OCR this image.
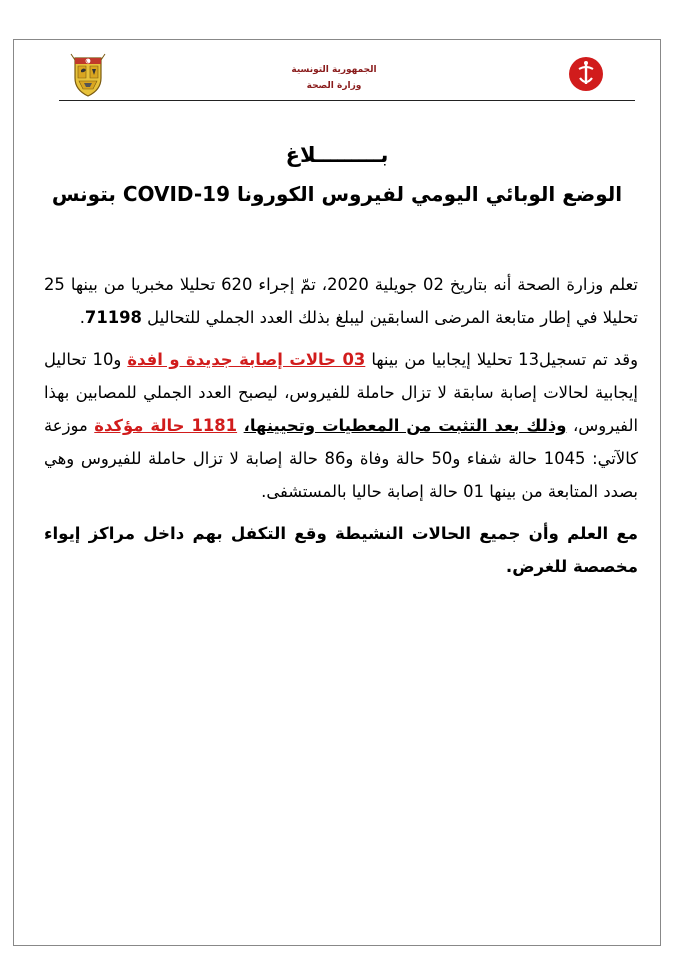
الجمهورية التونسية
وزارة الصحة
بـــــــــلاغ
الوضع الوبائي اليومي لفيروس الكورونا COVID-19 بتونس

تعلم وزارة الصحة أنه بتاريخ 02 جويلية 2020، تمّ إجراء 620 تحليلا مخبريا من بينها 25 تحليلا في إطار متابعة المرضى السابقين ليبلغ بذلك العدد الجملي للتحاليل 71198.

وقد تم تسجيل13 تحليلا إيجابيا من بينها 03 حالات إصابة جديدة و افدة و10 تحاليل إيجابية لحالات إصابة سابقة لا تزال حاملة للفيروس، ليصبح العدد الجملي للمصابين بهذا الفيروس، وذلك بعد التثبت من المعطيات وتحيينها، 1181 حالة مؤكدة موزعة كالآتي: 1045 حالة شفاء و50 حالة وفاة و86 حالة إصابة لا تزال حاملة للفيروس وهي بصدد المتابعة من بينها 01 حالة إصابة حاليا بالمستشفى.

مع العلم وأن جميع الحالات النشيطة وقع التكفل بهم داخل مراكز إيواء مخصصة للغرض.
